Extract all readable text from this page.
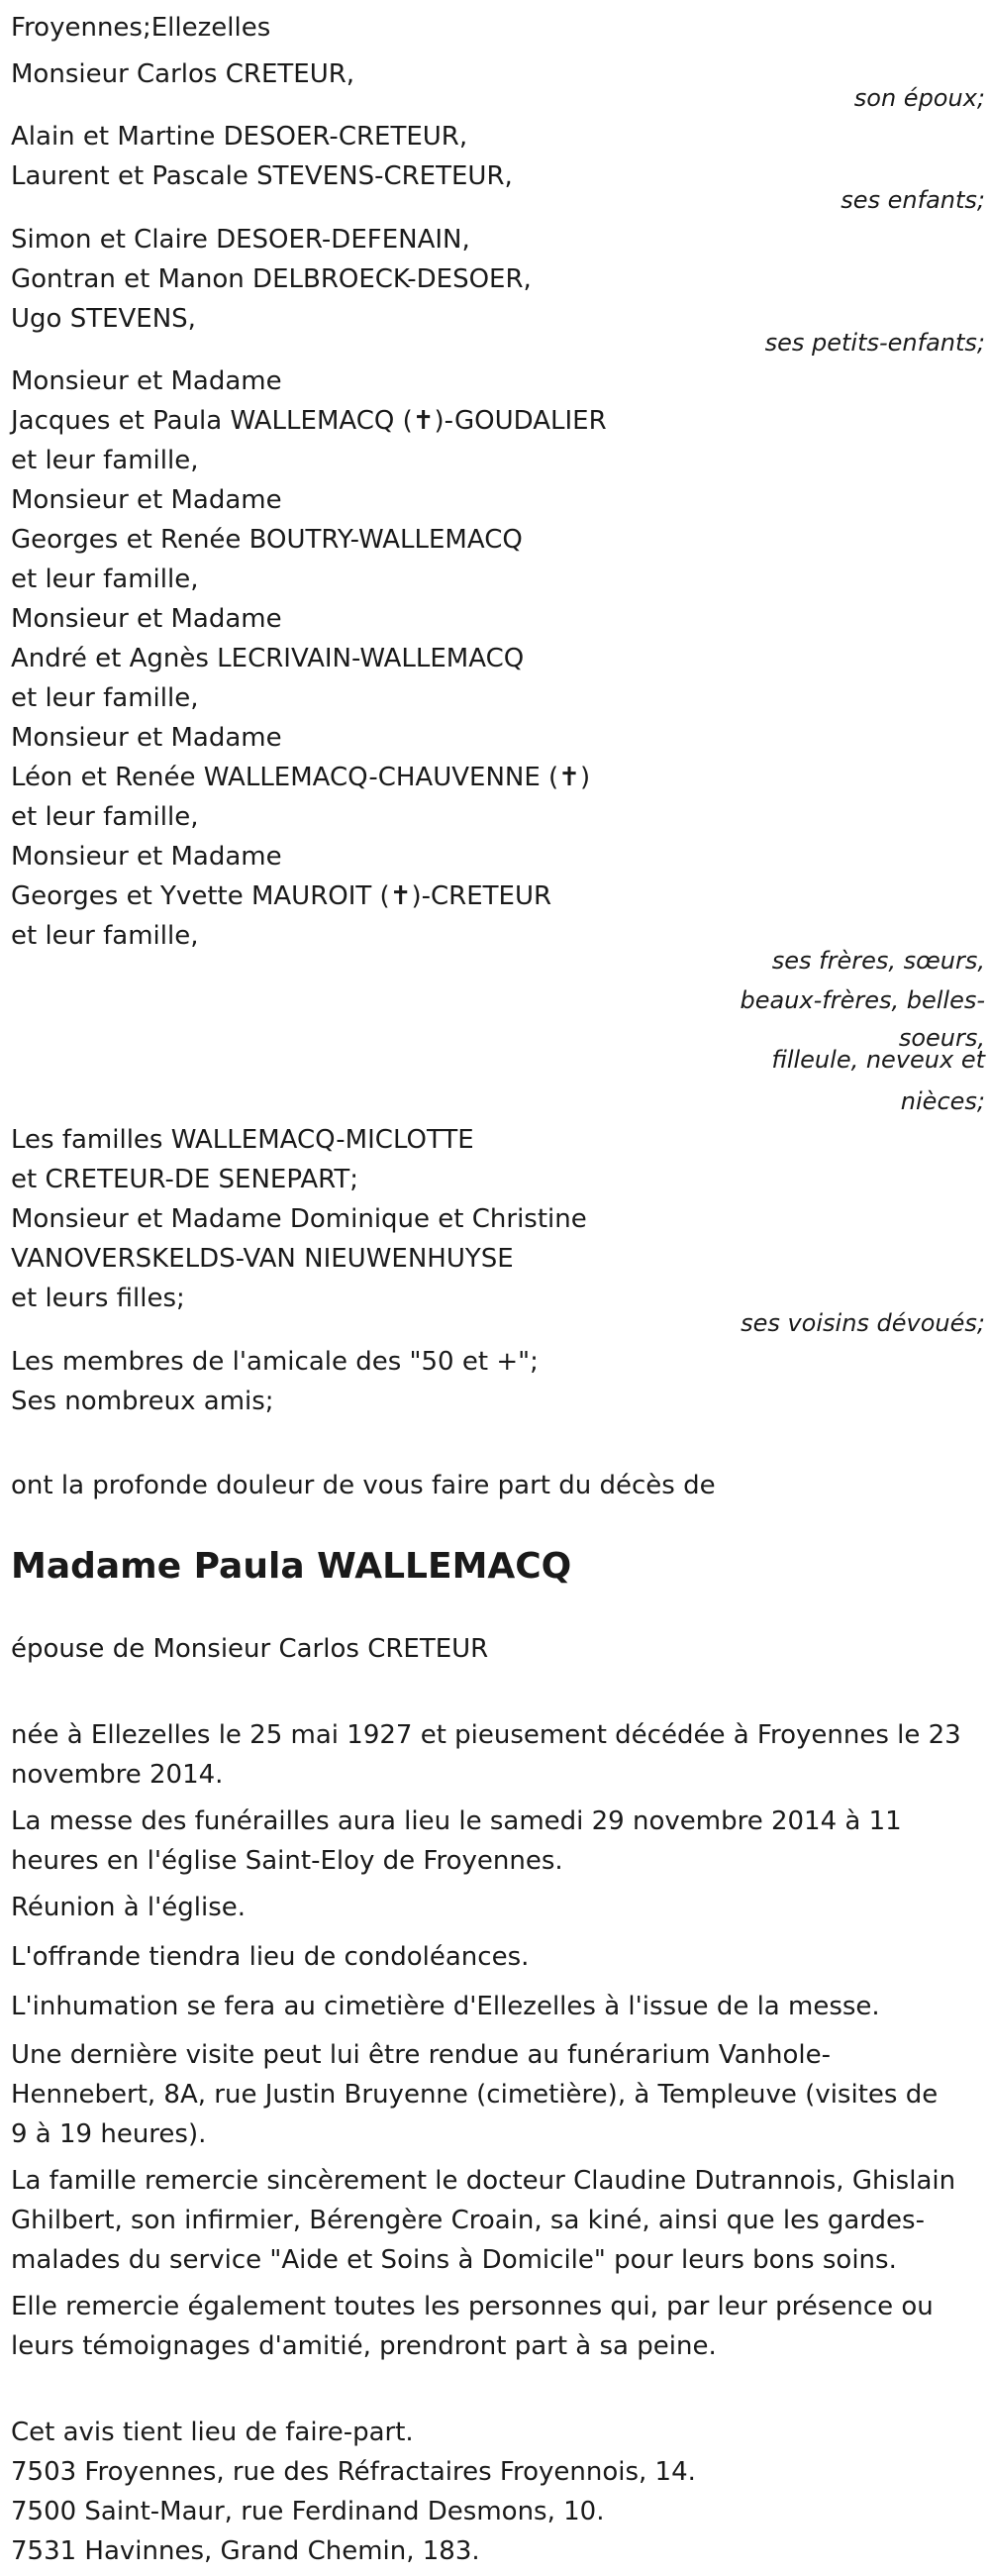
Froyennes;Ellezelles
Monsieur Carlos CRETEUR,
son époux;
Alain et Martine DESOER-CRETEUR,
Laurent et Pascale STEVENS-CRETEUR,
ses enfants;
Simon et Claire DESOER-DEFENAIN,
Gontran et Manon DELBROECK-DESOER,
Ugo STEVENS,
ses petits-enfants;
Monsieur et Madame
Jacques et Paula WALLEMACQ (✝)-GOUDALIER
et leur famille,
Monsieur et Madame
Georges et Renée BOUTRY-WALLEMACQ
et leur famille,
Monsieur et Madame
André et Agnès LECRIVAIN-WALLEMACQ
et leur famille,
Monsieur et Madame
Léon et Renée WALLEMACQ-CHAUVENNE (✝)
et leur famille,
Monsieur et Madame
Georges et Yvette MAUROIT (✝)-CRETEUR
et leur famille,
ses frères, sœurs,
beaux-frères, belles-
soeurs,
filleule, neveux et
nièces;
Les familles WALLEMACQ-MICLOTTE
et CRETEUR-DE SENEPART;
Monsieur et Madame Dominique et Christine
VANOVERSKELDS-VAN NIEUWENHUYSE
et leurs filles;
ses voisins dévoués;
Les membres de l'amicale des "50 et +";
Ses nombreux amis;
ont la profonde douleur de vous faire part du décès de
Madame Paula WALLEMACQ
épouse de Monsieur Carlos CRETEUR
née à Ellezelles le 25 mai 1927 et pieusement décédée à Froyennes le 23
novembre 2014.
La messe des funérailles aura lieu le samedi 29 novembre 2014 à 11
heures en l'église Saint-Eloy de Froyennes.
Réunion à l'église.
L'offrande tiendra lieu de condoléances.
L'inhumation se fera au cimetière d'Ellezelles à l'issue de la messe.
Une dernière visite peut lui être rendue au funérarium Vanhole-
Hennebert, 8A, rue Justin Bruyenne (cimetière), à Templeuve (visites de
9 à 19 heures).
La famille remercie sincèrement le docteur Claudine Dutrannois, Ghislain
Ghilbert, son infirmier, Bérengère Croain, sa kiné, ainsi que les gardes-
malades du service "Aide et Soins à Domicile" pour leurs bons soins.
Elle remercie également toutes les personnes qui, par leur présence ou
leurs témoignages d'amitié, prendront part à sa peine.
Cet avis tient lieu de faire-part.
7503 Froyennes, rue des Réfractaires Froyennois, 14.
7500 Saint-Maur, rue Ferdinand Desmons, 10.
7531 Havinnes, Grand Chemin, 183.
